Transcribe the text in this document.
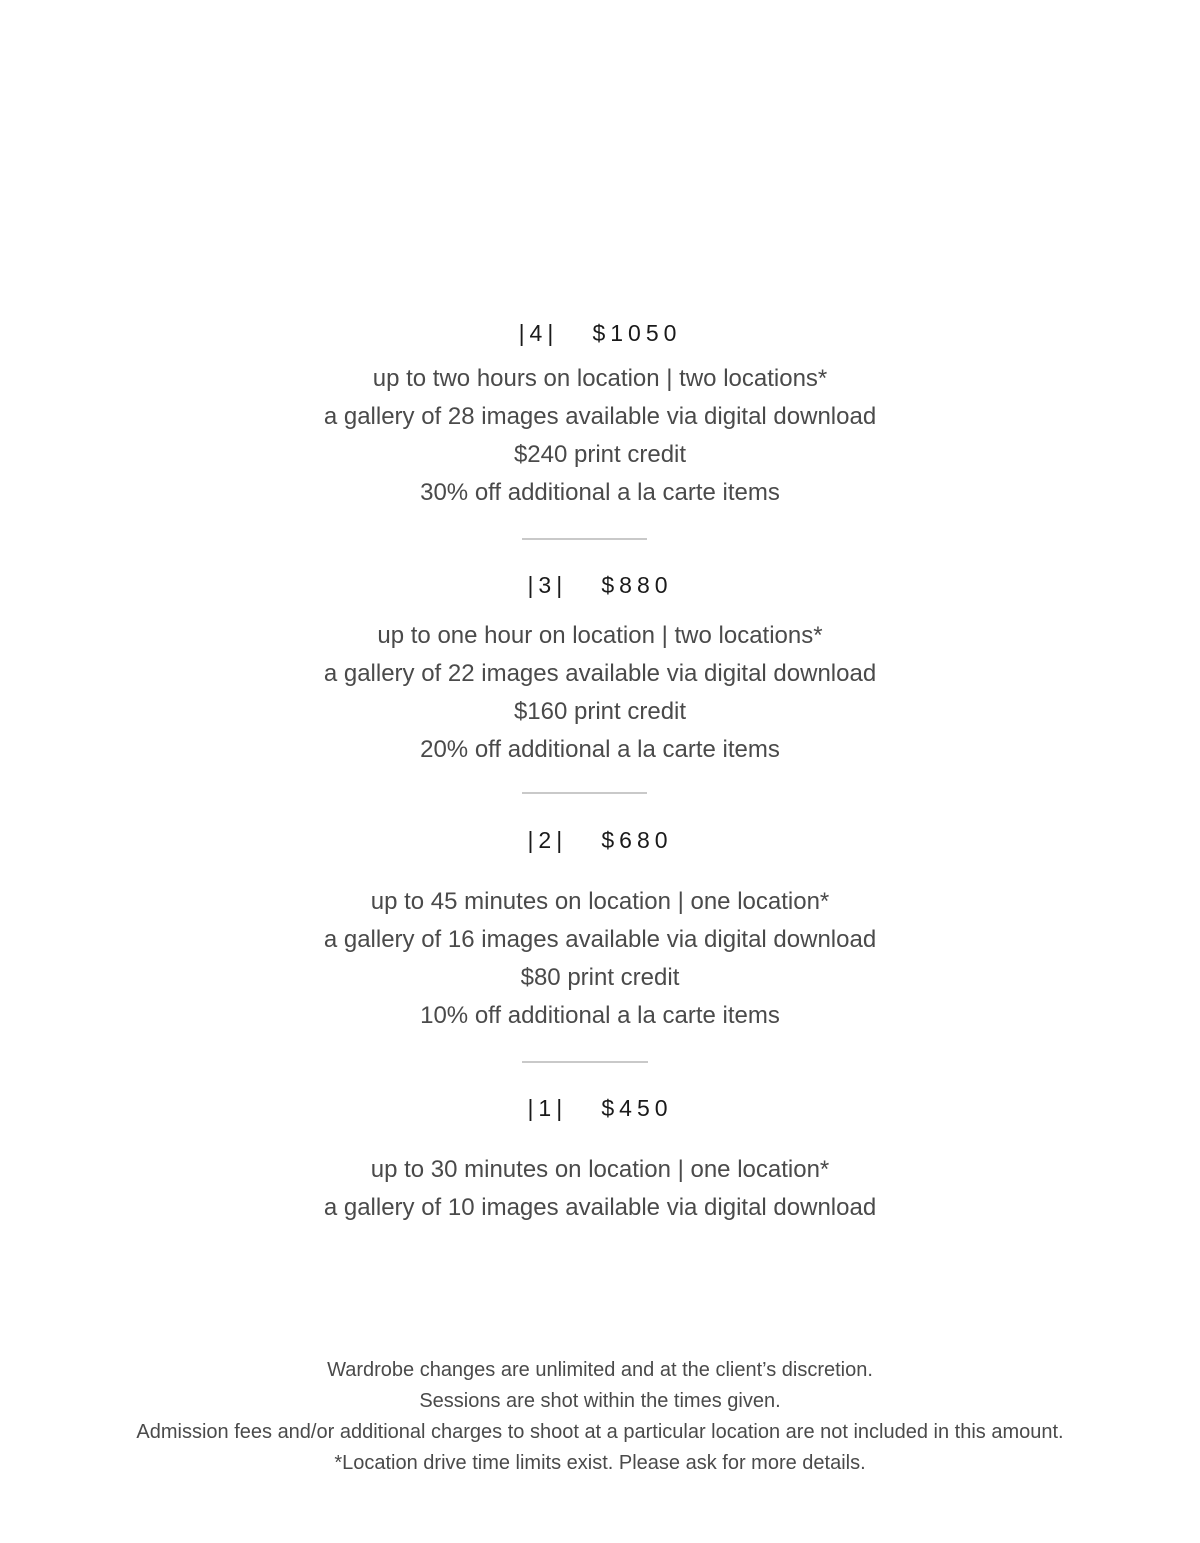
|4|   $1050
up to two hours on location | two locations*
a gallery of 28 images available via digital download
$240 print credit
30% off additional a la carte items
|3|   $880
up to one hour on location | two locations*
a gallery of 22 images available via digital download
$160 print credit
20% off additional a la carte items
|2|   $680
up to 45 minutes on location | one location*
a gallery of 16 images available via digital download
$80 print credit
10% off additional a la carte items
|1|   $450
up to 30 minutes on location | one location*
a gallery of 10 images available via digital download
Wardrobe changes are unlimited and at the client’s discretion.
Sessions are shot within the times given.
Admission fees and/or additional charges to shoot at a particular location are not included in this amount.
*Location drive time limits exist. Please ask for more details.
